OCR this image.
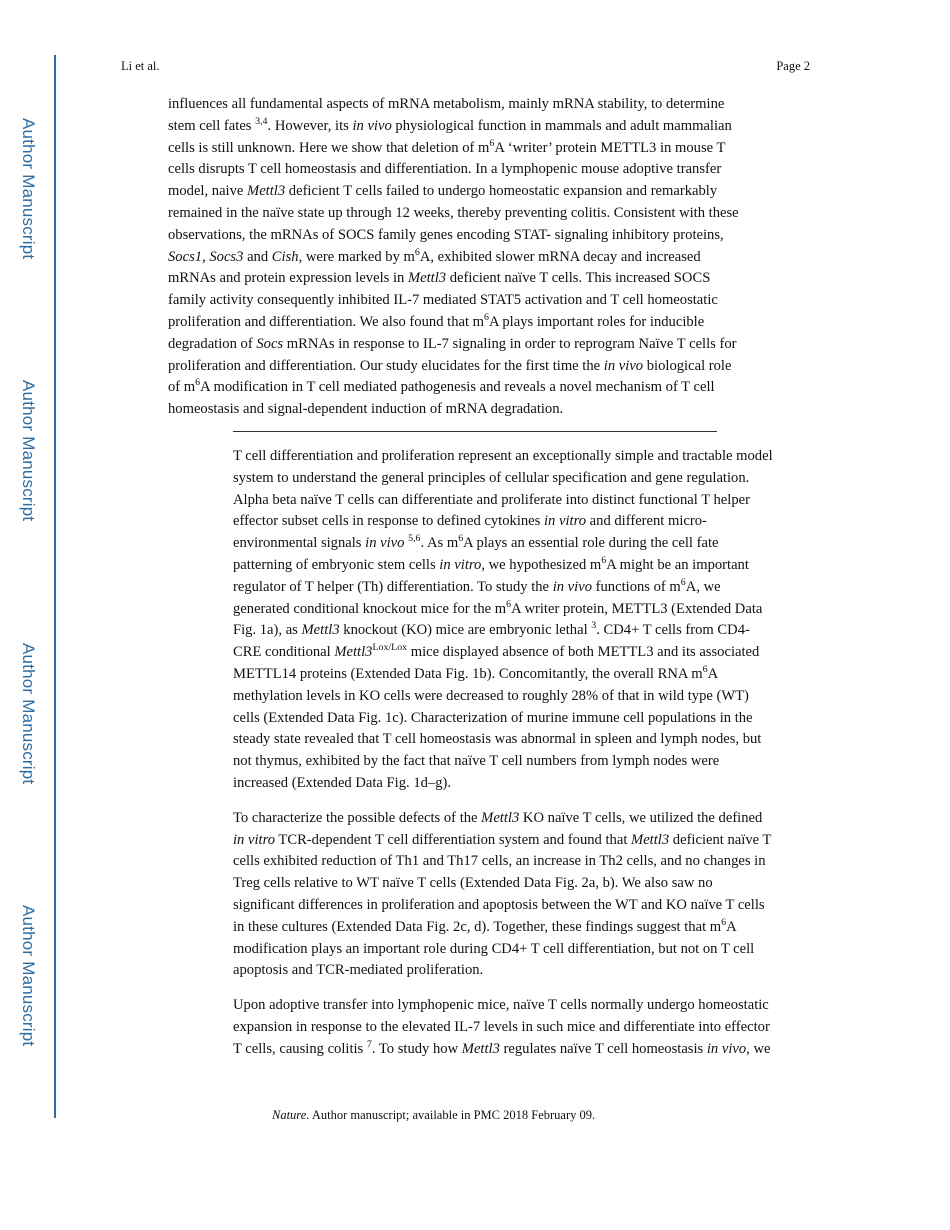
Author Manuscript
Author Manuscript
Author Manuscript
Author Manuscript
Li et al.	Page 2

influences all fundamental aspects of mRNA metabolism, mainly mRNA stability, to determine
stem cell fates $^{3,4}$. However, its in vivo physiological function in mammals and adult mammalian
cells is still unknown. Here we show that deletion of $m^6A$ ‘writer’ protein METTL3 in mouse T
cells disrupts T cell homeostasis and differentiation. In a lymphopenic mouse adoptive transfer
model, naive Mettl3 deficient T cells failed to undergo homeostatic expansion and remarkably
remained in the naïve state up through 12 weeks, thereby preventing colitis. Consistent with these
observations, the mRNAs of SOCS family genes encoding STAT- signaling inhibitory proteins,
Socs1, Socs3 and Cish, were marked by $m^6A$, exhibited slower mRNA decay and increased
mRNAs and protein expression levels in Mettl3 deficient naïve T cells. This increased SOCS
family activity consequently inhibited IL-7 mediated STAT5 activation and T cell homeostatic
proliferation and differentiation. We also found that $m^6A$ plays important roles for inducible
degradation of Socs mRNAs in response to IL-7 signaling in order to reprogram Naïve T cells for
proliferation and differentiation. Our study elucidates for the first time the in vivo biological role
of $m^6A$ modification in T cell mediated pathogenesis and reveals a novel mechanism of T cell
homeostasis and signal-dependent induction of mRNA degradation.

T cell differentiation and proliferation represent an exceptionally simple and tractable model
system to understand the general principles of cellular specification and gene regulation.
Alpha beta naïve T cells can differentiate and proliferate into distinct functional T helper
effector subset cells in response to defined cytokines in vitro and different micro-
environmental signals in vivo $^{5,6}$. As $m^6A$ plays an essential role during the cell fate
patterning of embryonic stem cells in vitro, we hypothesized $m^6A$ might be an important
regulator of T helper (Th) differentiation. To study the in vivo functions of $m^6A$, we
generated conditional knockout mice for the $m^6A$ writer protein, METTL3 (Extended Data
Fig. 1a), as Mettl3 knockout (KO) mice are embryonic lethal $^3$. CD4+ T cells from CD4-
CRE conditional $Mettl3^{Lox/Lox}$ mice displayed absence of both METTL3 and its associated
METTL14 proteins (Extended Data Fig. 1b). Concomitantly, the overall RNA $m^6A$
methylation levels in KO cells were decreased to roughly 28% of that in wild type (WT)
cells (Extended Data Fig. 1c). Characterization of murine immune cell populations in the
steady state revealed that T cell homeostasis was abnormal in spleen and lymph nodes, but
not thymus, exhibited by the fact that naïve T cell numbers from lymph nodes were
increased (Extended Data Fig. 1d–g).

To characterize the possible defects of the Mettl3 KO naïve T cells, we utilized the defined
in vitro TCR-dependent T cell differentiation system and found that Mettl3 deficient naïve T
cells exhibited reduction of Th1 and Th17 cells, an increase in Th2 cells, and no changes in
Treg cells relative to WT naïve T cells (Extended Data Fig. 2a, b). We also saw no
significant differences in proliferation and apoptosis between the WT and KO naïve T cells
in these cultures (Extended Data Fig. 2c, d). Together, these findings suggest that $m^6A$
modification plays an important role during CD4+ T cell differentiation, but not on T cell
apoptosis and TCR-mediated proliferation.

Upon adoptive transfer into lymphopenic mice, naïve T cells normally undergo homeostatic
expansion in response to the elevated IL-7 levels in such mice and differentiate into effector
T cells, causing colitis $^7$. To study how Mettl3 regulates naïve T cell homeostasis in vivo, we

Nature. Author manuscript; available in PMC 2018 February 09.
